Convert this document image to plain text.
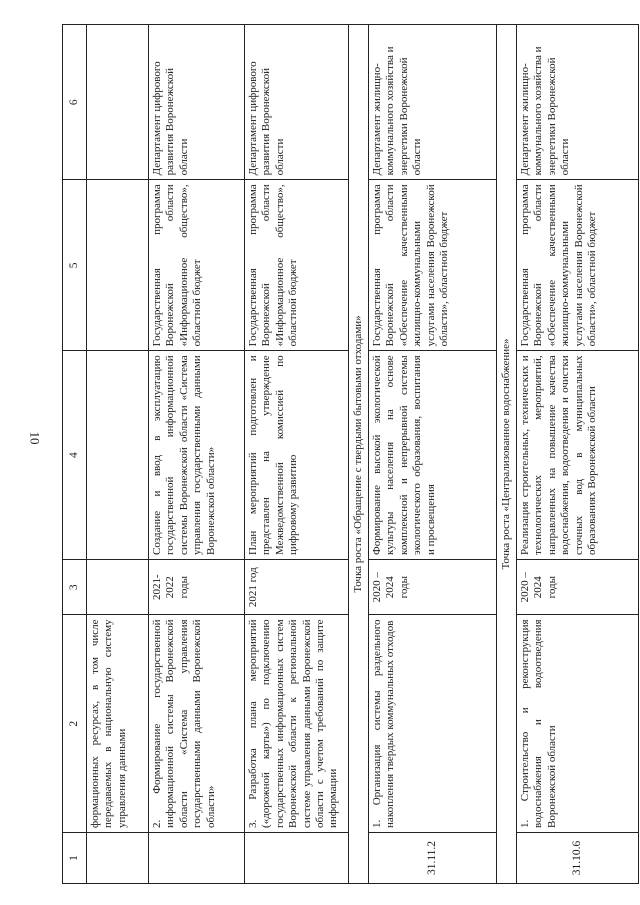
10
1	2	3	4	5	6
	формационных ресурсах, в том числе передаваемых в национальную систему управления данными				
	2. Формирование государственной информационной системы Воронежской области «Система управления государственными данными Воронежской области»	2021-2022 годы	Создание и ввод в эксплуатацию государственной информационной системы Воронежской области «Система управления государственными данными Воронежской области»	Государственная программа Воронежской области «Информационное общество», областной бюджет	Департамент цифрового развития Воронежской области
	3. Разработка плана мероприятий («дорожной карты») по подключению государственных информационных систем Воронежской области к региональной системе управления данными Воронежской области с учетом требований по защите информации	2021 год	План мероприятий подготовлен и представлен на утверждение Межведомственной комиссией по цифровому развитию	Государственная программа Воронежской области «Информационное общество», областной бюджет	Департамент цифрового развития Воронежской области
Точка роста «Обращение с твердыми бытовыми отходами»					
31.11.2	1. Организация системы раздельного накопления твердых коммунальных отходов	2020 – 2024 годы	Формирование высокой экологической культуры населения на основе комплексной и непрерывной системы экологического образования, воспитания и просвещения	Государственная программа Воронежской области «Обеспечение качественными жилищно-коммунальными услугами населения Воронежской области», областной бюджет	Департамент жилищно-коммунального хозяйства и энергетики Воронежской области
Точка роста «Централизованное водоснабжение»					
31.10.6	1. Строительство и реконструкция водоснабжения и водоотведения Воронежской области	2020 – 2024 годы	Реализация строительных, технических и технологических мероприятий, направленных на повышение качества водоснабжения, водоотведения и очистки сточных вод в муниципальных образованиях Воронежской области	Государственная программа Воронежской области «Обеспечение качественными жилищно-коммунальными услугами населения Воронежской области», областной бюджет	Департамент жилищно-коммунального хозяйства и энергетики Воронежской области
